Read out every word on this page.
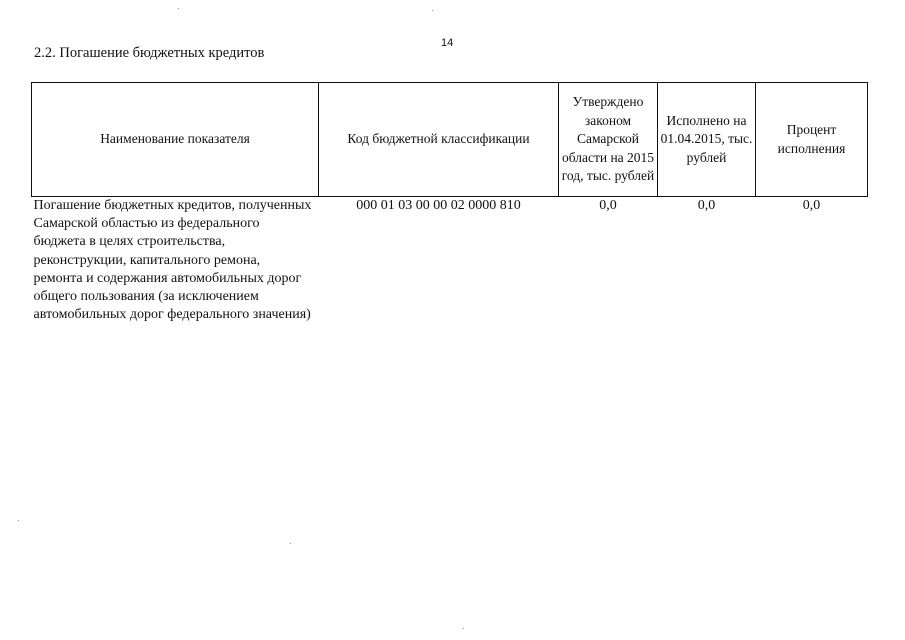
14
2.2. Погашение бюджетных кредитов
Наименование показателя	Код бюджетной классификации	Утверждено законом Самарской области на 2015 год, тыс. рублей	Исполнено на 01.04.2015, тыс. рублей	Процент исполнения
Погашение бюджетных кредитов, полученных Самарской областью из федерального бюджета в целях строительства, реконструкции, капитального ремона, ремонта и содержания автомобильных дорог общего пользования (за исключением автомобильных дорог федерального значения)	000 01 03 00 00 02 0000 810	0,0	0,0	0,0
